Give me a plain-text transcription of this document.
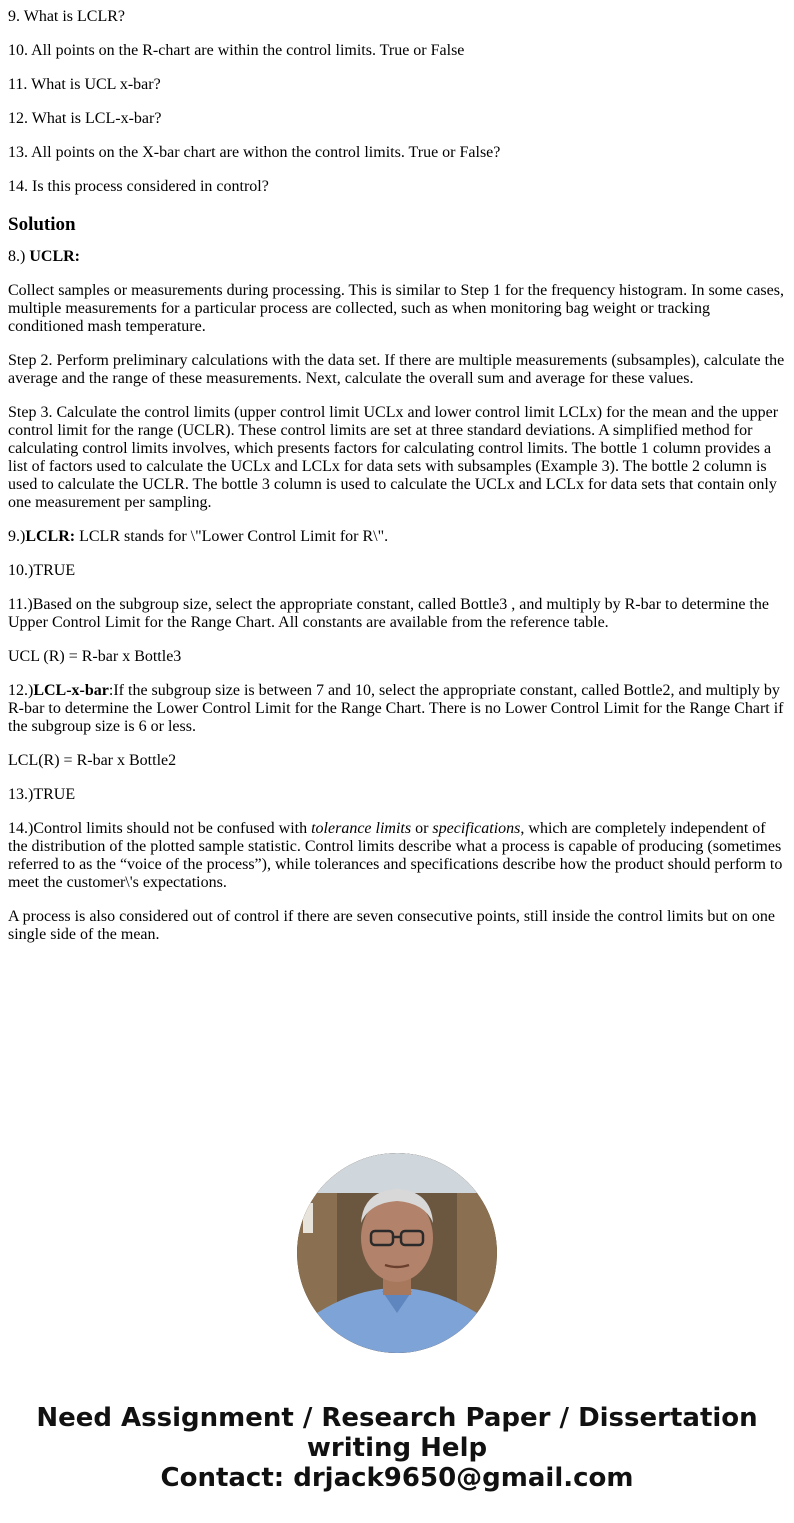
9. What is LCLR?

10. All points on the R-chart are within the control limits. True or False

11. What is UCL x-bar?

12. What is LCL-x-bar?

13. All points on the X-bar chart are withon the control limits. True or False?

14. Is this process considered in control?

Solution

8.) UCLR:

Collect samples or measurements during processing. This is similar to Step 1 for the frequency histogram. In some cases, multiple measurements for a particular process are collected, such as when monitoring bag weight or tracking conditioned mash temperature.

Step 2. Perform preliminary calculations with the data set. If there are multiple measurements (subsamples), calculate the average and the range of these measurements. Next, calculate the overall sum and average for these values.

Step 3. Calculate the control limits (upper control limit UCLx and lower control limit LCLx) for the mean and the upper control limit for the range (UCLR). These control limits are set at three standard deviations. A simplified method for calculating control limits involves, which presents factors for calculating control limits. The bottle 1 column provides a list of factors used to calculate the UCLx and LCLx for data sets with subsamples (Example 3). The bottle 2 column is used to calculate the UCLR. The bottle 3 column is used to calculate the UCLx and LCLx for data sets that contain only one measurement per sampling.

9.)LCLR: LCLR stands for \"Lower Control Limit for R\".

10.)TRUE

11.)Based on the subgroup size, select the appropriate constant, called Bottle3 , and multiply by R-bar to determine the Upper Control Limit for the Range Chart. All constants are available from the reference table.

UCL (R) = R-bar x Bottle3

12.)LCL-x-bar:If the subgroup size is between 7 and 10, select the appropriate constant, called Bottle2, and multiply by R-bar to determine the Lower Control Limit for the Range Chart. There is no Lower Control Limit for the Range Chart if the subgroup size is 6 or less.

LCL(R) = R-bar x Bottle2

13.)TRUE

14.)Control limits should not be confused with tolerance limits or specifications, which are completely independent of the distribution of the plotted sample statistic. Control limits describe what a process is capable of producing (sometimes referred to as the “voice of the process”), while tolerances and specifications describe how the product should perform to meet the customer\'s expectations.

A process is also considered out of control if there are seven consecutive points, still inside the control limits but on one single side of the mean.

Need Assignment / Research Paper / Dissertation
writing Help
Contact: drjack9650@gmail.com
